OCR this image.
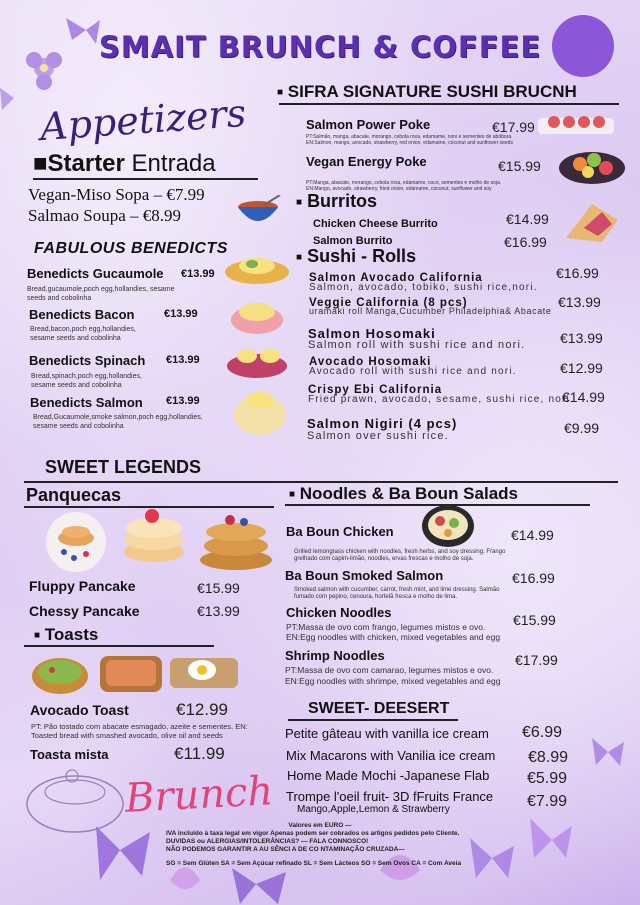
SMAIT BRUNCH & COFFEE
Appetizers
■Starter Entrada
Vegan-Miso Sopa – €7.99
Salmao Soupa – €8.99
FABULOUS BENEDICTS
Benedicts Gucaumole €13.99
Bread,gucaumole,poch egg,hollandies, sesame seeds and cobolinha
Benedicts Bacon	€13.99
Bread,bacon,poch egg,hollandies, sesame seeds and cobolinha
Benedicts Spinach €13.99
Bread,spinach,poch egg,hollandies, sesame seeds and cobolinha
Benedicts Salmon €13.99
Bread,Gucaumole,smoke salmon,poch egg,hollandies, sesame seeds and cobolinha
■ SIFRA SIGNATURE SUSHI BRUCNH
Salmon Power Poke	€17.99
PT:Salmão, manga, abacate, morango, cebola roxa, edamame, noni e sementes de abóbora. EN:Salmon, mango, avocado, strawberry, red onion, edamame, coconut and sunflower seeds
Vegan Energy Poke	€15.99
PT:Manga, abacate, morango, cebola roxa, edamame, coco, sementes e molho de soja. EN:Mango, avocado, strawberry, fried onion, edamame, coconut, sunflower and soy
■ Burritos
Chicken Cheese Burrito	€14.99
Salmon Burrito	€16.99
■ Sushi - Rolls
Salmon Avocado California
Salmon, avocado, tobiko, sushi rice,nori.
€16.99
Veggie California (8 pcs)
uramaki roll Manga,Cucumber Philadelphia& Abacate
€13.99
Salmon Hosomaki
Salmon roll with sushi rice and nori. €13.99
Avocado Hosomaki
Avocado roll with sushi rice and nori.	€12.99
Crispy Ebi California
Fried prawn, avocado, sesame, sushi rice, nori.
€14.99
Salmon Nigiri (4 pcs)
Salmon over sushi rice.	€9.99
SWEET LEGENDS
Panquecas
Fluppy Pancake	€15.99
Chessy Pancake	€13.99
■ Toasts
Avocado Toast	€12.99
PT: Pão tostado com abacate esmagado, azeite e sementes. EN: Toasted bread with smashed avocado, olive oil and seeds
Toasta mista	€11.99
■ Noodles & Ba Boun Salads
Ba Boun Chicken	€14.99
Grilled lemongrass chicken with noodles, fresh herbs, and soy dressing. Frango grelhado com capim-limão, noodles, ervas frescas e molho de soja.
Ba Boun Smoked Salmon	€16.99
Smoked salmon with cucumber, carrot, fresh mint, and lime dressing. Salmão fumado com pepino, cenoura, hortelã fresca e molho de lima.
Chicken Noodles	€15.99
PT:Massa de ovo com frango, legumes mistos e ovo.
EN:Egg noodles with chicken, mixed vegetables and egg
Shrimp Noodles	€17.99
PT:Massa de ovo com camarao, legumes mistos e ovo.
EN:Egg noodles with shrimpe, mixed vegetables and egg
SWEET- DEESERT
Petite gâteau with vanilla ice cream €6.99
Mix Macarons with Vanilia ice cream €8.99
Home Made Mochi -Japanese Flab €5.99
Trompe l'oeil fruit- 3D fFruits France
Mango,Apple,Lemon & Strawberry	€7.99
Brunch
Valores em EURO —
IVA incluído à taxa legal em vigor Apenas podem ser cobrados os artigos pedidos pelo Cliente.
DUVIDAS ou ALERGIAS/INTOLERÂNCIAS? — FALA CONNOSCO!
NÃO PODEMOS GARANTIR A AU SÊNCI A DE CO NTAMINAÇÃO CRUZADA—
SG = Sem Glúten SA = Sem Açúcar refinado SL = Sem Lácteos SO = Sem Ovos CA = Com Aveia
